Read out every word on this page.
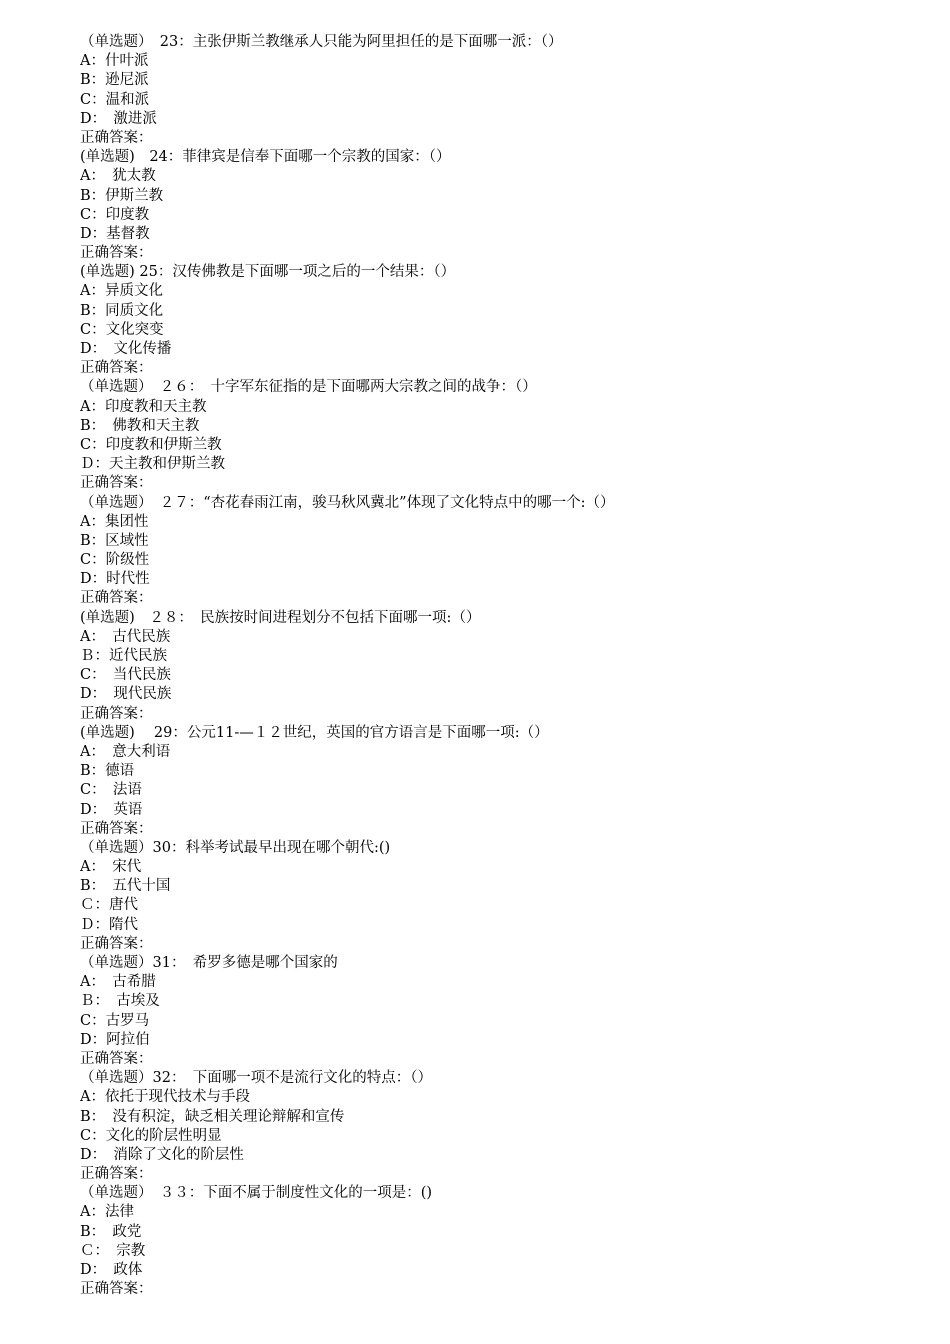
（单选题）　23：主张伊斯兰教继承人只能为阿里担任的是下面哪一派：（）
A：什叶派
B：逊尼派
C：温和派
D：　激进派
正确答案：
(单选题)　24：菲律宾是信奉下面哪一个宗教的国家：（）
A：　犹太教
B：伊斯兰教
C：印度教
D：基督教
正确答案：
(单选题) 25：汉传佛教是下面哪一项之后的一个结果：（）
A：异质文化
B：同质文化
C：文化突变
D：　文化传播
正确答案：
（单选题）　２６：　十字军东征指的是下面哪两大宗教之间的战争：（）
A：印度教和天主教
B：　佛教和天主教
C：印度教和伊斯兰教
Ｄ：天主教和伊斯兰教
正确答案：
（单选题）　２７：“杏花春雨江南，骏马秋风冀北”体现了文化特点中的哪一个:（）
A：集团性
B：区域性
C：阶级性
D：时代性
正确答案：
(单选题)　２８：　民族按时间进程划分不包括下面哪一项:（）
A：　古代民族
Ｂ：近代民族
C：　当代民族
D：　现代民族
正确答案：
(单选题)　 29：公元11-—１２世纪，英国的官方语言是下面哪一项:（）
A：　意大利语
B：德语
C：　法语
D：　英语
正确答案：
（单选题）30：科举考试最早出现在哪个朝代:()
A：　宋代
B：　五代十国
Ｃ：唐代
Ｄ：隋代
正确答案：
（单选题）31：　希罗多德是哪个国家的
A：　古希腊
Ｂ：　古埃及
C：古罗马
D：阿拉伯
正确答案：
（单选题）32：　下面哪一项不是流行文化的特点：（）
A：依托于现代技术与手段
B：　没有积淀，缺乏相关理论辩解和宣传
C：文化的阶层性明显
D：　消除了文化的阶层性
正确答案：
（单选题）　３３：下面不属于制度性文化的一项是：()
A：法律
B：　政党
Ｃ：　宗教
D：　政体
正确答案：
